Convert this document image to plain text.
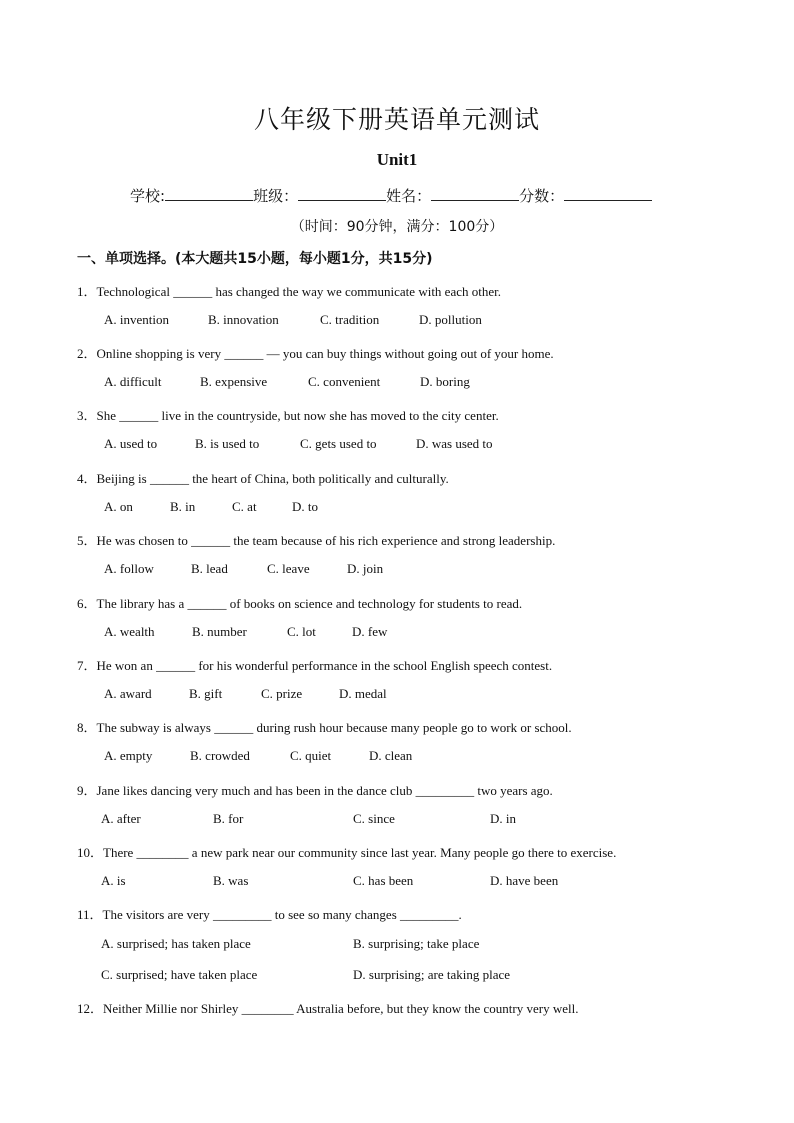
八年级下册英语单元测试
Unit1
学校:	班级：	姓名：	分数：
（时间：90分钟，满分：100分）
一、单项选择。(本大题共15小题，每小题1分，共15分)
1．Technological ______ has changed the way we communicate with each other.
A. invention	B. innovation	C. tradition	D. pollution
2．Online shopping is very ______ — you can buy things without going out of your home.
A. difficult	B. expensive	C. convenient	D. boring
3．She ______ live in the countryside, but now she has moved to the city center.
A. used to	B. is used to	C. gets used to	D. was used to
4．Beijing is ______ the heart of China, both politically and culturally.
A. on	B. in	C. at	D. to
5．He was chosen to ______ the team because of his rich experience and strong leadership.
A. follow	B. lead	C. leave	D. join
6．The library has a ______ of books on science and technology for students to read.
A. wealth	B. number	C. lot	D. few
7．He won an ______ for his wonderful performance in the school English speech contest.
A. award	B. gift	C. prize	D. medal
8．The subway is always ______ during rush hour because many people go to work or school.
A. empty	B. crowded	C. quiet	D. clean
9．Jane likes dancing very much and has been in the dance club _________ two years ago.
A. after	B. for	C. since	D. in
10．There ________ a new park near our community since last year. Many people go there to exercise.
A. is	B. was	C. has been	D. have been
11．The visitors are very _________ to see so many changes _________.
A. surprised; has taken place	B. surprising; take place
C. surprised; have taken place	D. surprising; are taking place
12．Neither Millie nor Shirley ________ Australia before, but they know the country very well.
